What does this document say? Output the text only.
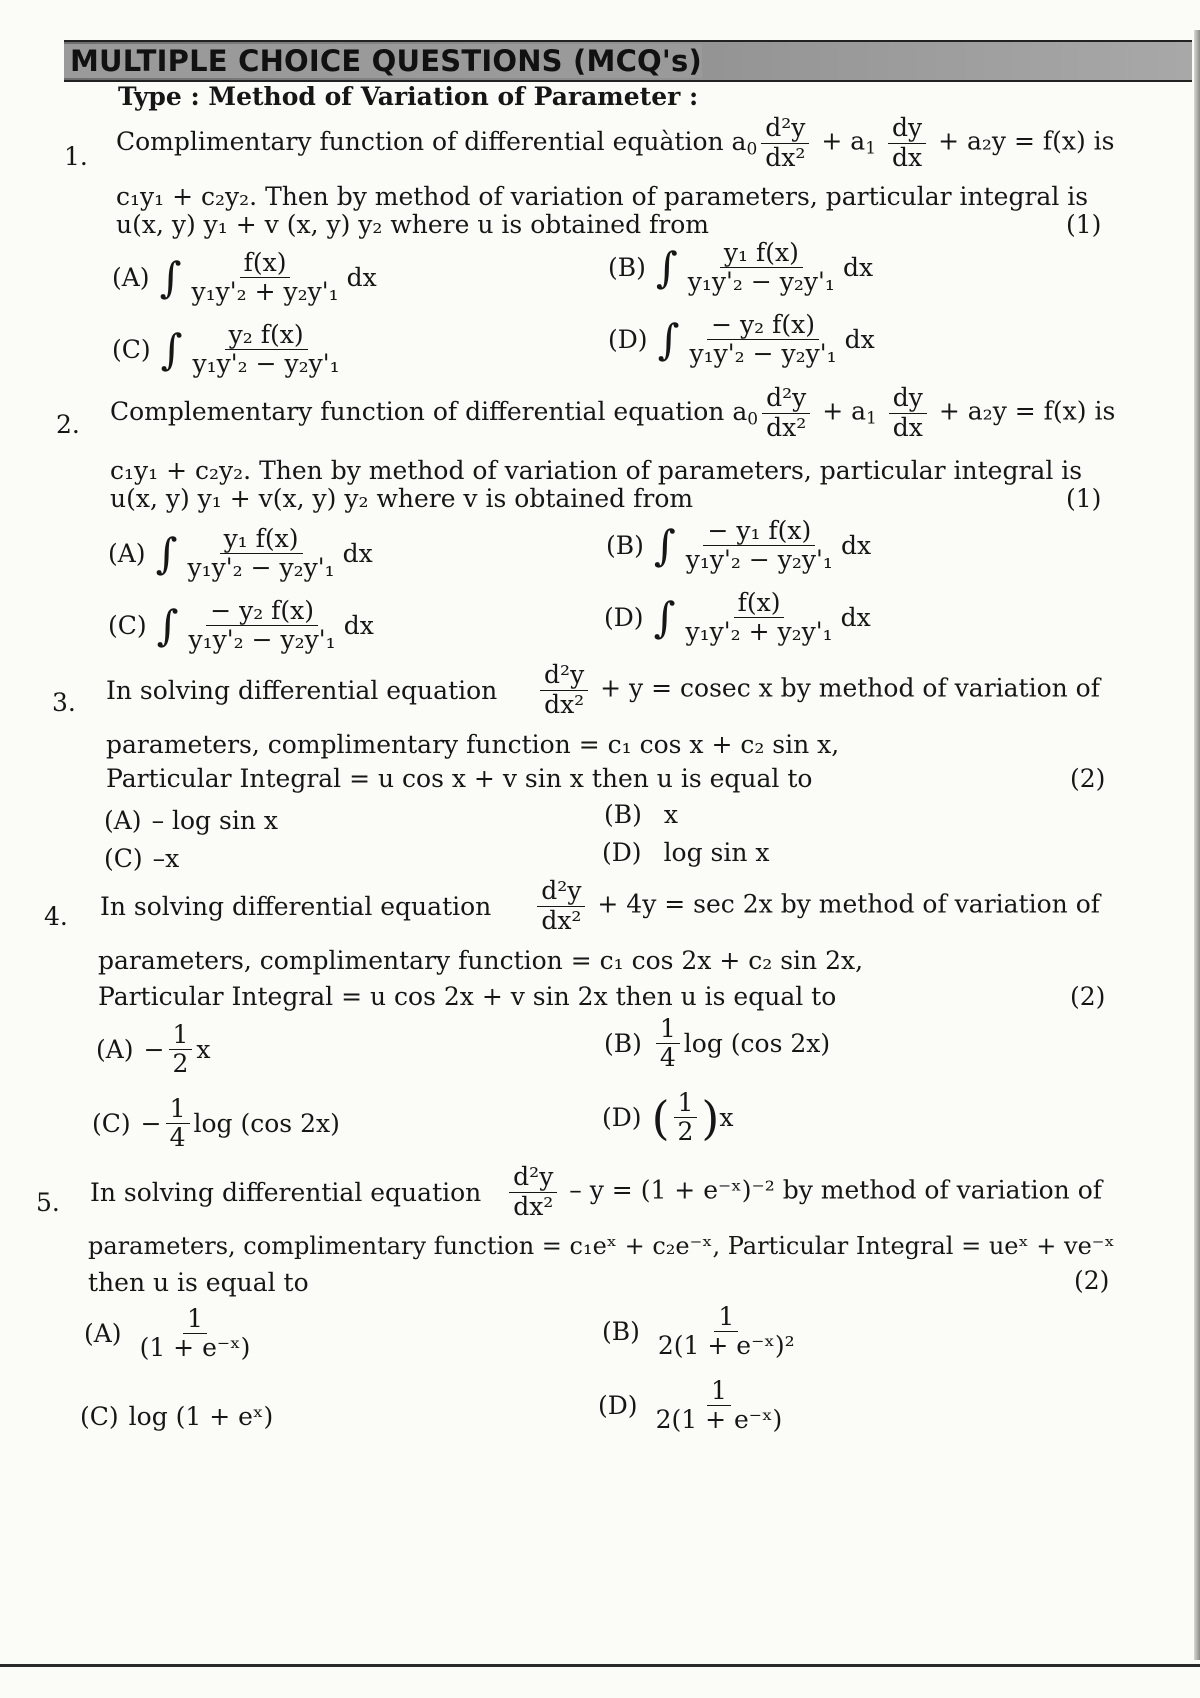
MULTIPLE CHOICE QUESTIONS (MCQ's)
Type : Method of Variation of Parameter :
1.
Complimentary function of differential equàtion $a_0 \frac{\text{d²y}}{\text{dx²}} + a_1 \frac{dy}{dx} + a_2y = f(x)$ is
c₁y₁ + c₂y₂. Then by method of variation of parameters, particular integral is
u(x, y) y₁ + v (x, y) y₂ where u is obtained from	(1)
(A) ∫ $\frac{f(x)}{\text{y₁y'₂ + y₂y'₁}}$ dx	(B) ∫ $\frac{\text{y₁ f(x)}}{\text{y₁y'₂ − y₂y'₁}}$ dx
(C) ∫ $\frac{\text{y₂ f(x)}}{\text{y₁y'₂ − y₂y'₁}}$	(D) ∫ $\frac{\text{− y₂ f(x)}}{\text{y₁y'₂ − y₂y'₁}}$ dx
2. Complementary function of differential equation $a_0 \frac{\text{d²y}}{\text{dx²}} + a_1 \frac{dy}{dx} + a_2y = f(x)$ is
c₁y₁ + c₂y₂. Then by method of variation of parameters, particular integral is
u(x, y) y₁ + v(x, y) y₂ where v is obtained from	(1)
(A) ∫ $\frac{\text{y₁ f(x)}}{\text{y₁y'₂ − y₂y'₁}}$ dx	(B) ∫ $\frac{\text{− y₁ f(x)}}{\text{y₁y'₂ − y₂y'₁}}$ dx
(C) ∫ $\frac{\text{− y₂ f(x)}}{\text{y₁y'₂ − y₂y'₁}}$ dx	(D) ∫ $\frac{f(x)}{\text{y₁y'₂ + y₂y'₁}}$ dx
3. In solving differential equation $\frac{\text{d²y}}{\text{dx²}} + y = cosec$ x by method of variation of
parameters, complimentary function = c₁ cos x + c₂ sin x,
Particular Integral = u cos x + v sin x then u is equal to	(2)
(A) – log sin x	(B) x
(C) –x	(D) log sin x
4. In solving differential equation $\frac{\text{d²y}}{\text{dx²}} + 4y = \sec 2x$ by method of variation of
parameters, complimentary function = c₁ cos 2x + c₂ sin 2x,
Particular Integral = u cos 2x + v sin 2x then u is equal to	(2)
$(A) - \frac{1}{2}$ x	$(B) \frac{1}{4}$ log (cos 2x)
$(C) - \frac{1}{4}$ log (cos 2x)	(D) ( $\frac{1}{2}$ ) x
5. In solving differential equation $\frac{\text{d²y}}{\text{dx²}} - y = (1$ + e⁻ˣ)⁻² by method of variation of
parameters, complimentary function = c₁eˣ + c₂e⁻ˣ, Particular Integral = ueˣ + ve⁻ˣ
then u is equal to	(2)
$(A) \frac{1}{\text{(1 + e⁻ˣ)}}$	$(B) \frac{1}{\text{2(1 + e⁻ˣ)²}}$
(C) log (1 + eˣ)	$(D) \frac{1}{\text{2(1 + e⁻ˣ)}}$
